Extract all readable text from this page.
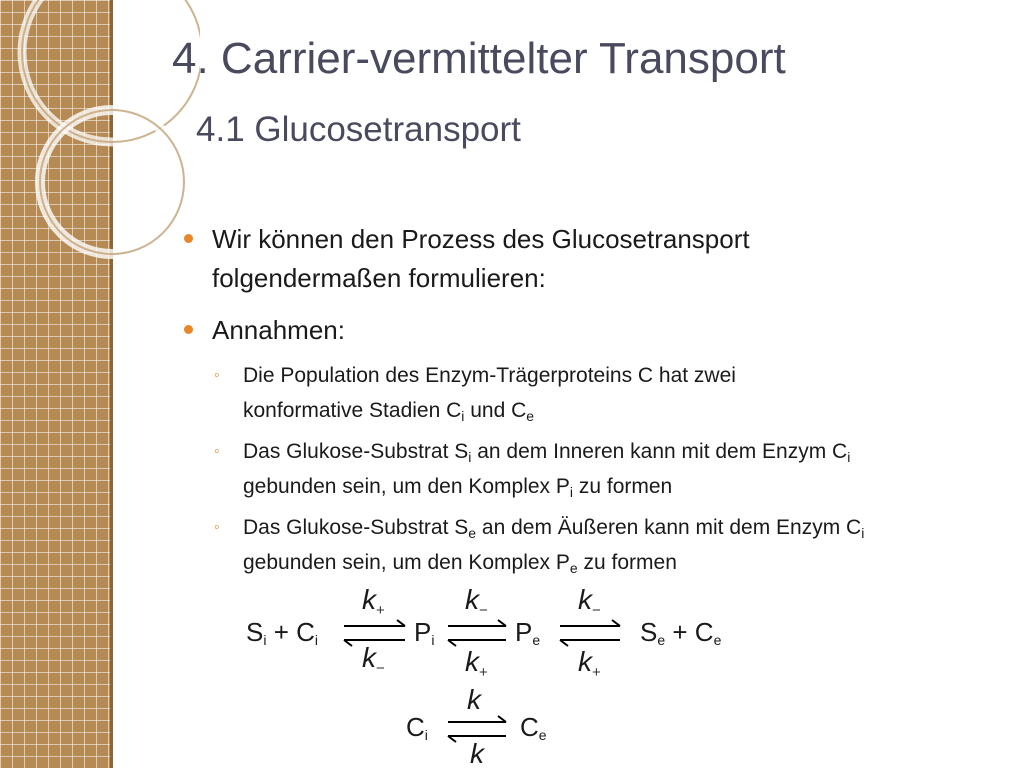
4. Carrier-vermittelter Transport
4.1 Glucosetransport
Wir können den Prozess des Glucosetransport
folgendermaßen formulieren:
Annahmen:
◦ Die Population des Enzym-Trägerproteins C hat zwei
konformative Stadien $C_i$ und $C_e$
◦ Das Glukose-Substrat $S_i$ an dem Inneren kann mit dem Enzym $C_i$
gebunden sein, um den Komplex $P_i$ zu formen
◦ Das Glukose-Substrat $S_e$ an dem Äußeren kann mit dem Enzym $C_i$
gebunden sein, um den Komplex $P_e$ zu formen
$S_i + C_i$	$P_i$	$P_e$	$S_e + C_e$
$k_+$	$k_-$	$k_-$
$k_-$	$k_+$	$k_+$
$C_i$	$C_e$
k
k
